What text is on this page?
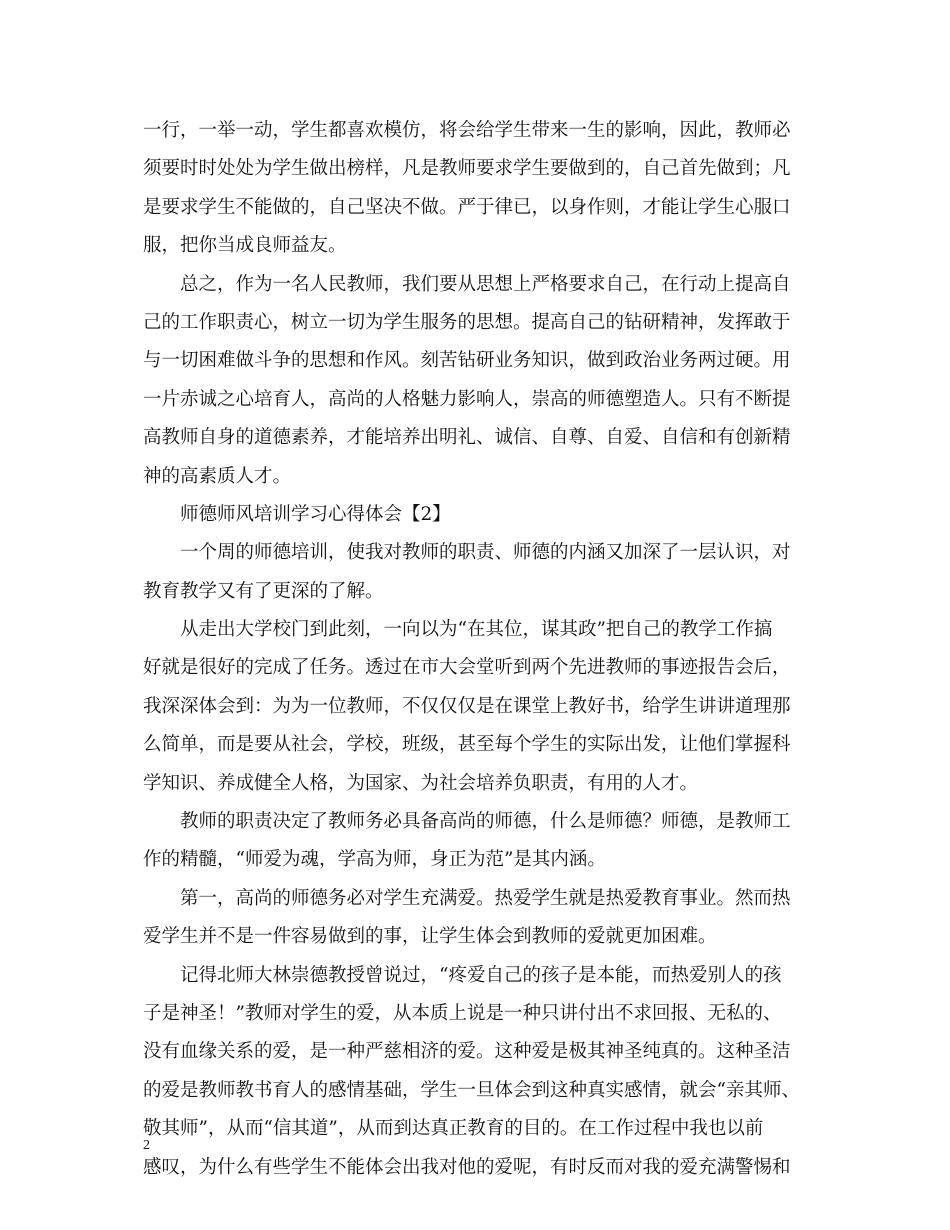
一行，一举一动，学生都喜欢模仿，将会给学生带来一生的影响，因此，教师必
须要时时处处为学生做出榜样，凡是教师要求学生要做到的，自己首先做到；凡
是要求学生不能做的，自己坚决不做。严于律已，以身作则，才能让学生心服口
服，把你当成良师益友。
总之，作为一名人民教师，我们要从思想上严格要求自己，在行动上提高自
己的工作职责心，树立一切为学生服务的思想。提高自己的钻研精神，发挥敢于
与一切困难做斗争的思想和作风。刻苦钻研业务知识，做到政治业务两过硬。用
一片赤诚之心培育人，高尚的人格魅力影响人，崇高的师德塑造人。只有不断提
高教师自身的道德素养，才能培养出明礼、诚信、自尊、自爱、自信和有创新精
神的高素质人才。
师德师风培训学习心得体会【2】
一个周的师德培训，使我对教师的职责、师德的内涵又加深了一层认识，对
教育教学又有了更深的了解。
从走出大学校门到此刻，一向以为“在其位，谋其政”把自己的教学工作搞
好就是很好的完成了任务。透过在市大会堂听到两个先进教师的事迹报告会后，
我深深体会到：为为一位教师，不仅仅仅是在课堂上教好书，给学生讲讲道理那
么简单，而是要从社会，学校，班级，甚至每个学生的实际出发，让他们掌握科
学知识、养成健全人格，为国家、为社会培养负职责，有用的人才。
教师的职责决定了教师务必具备高尚的师德，什么是师德？师德，是教师工
作的精髓，“师爱为魂，学高为师，身正为范”是其内涵。
第一，高尚的师德务必对学生充满爱。热爱学生就是热爱教育事业。然而热
爱学生并不是一件容易做到的事，让学生体会到教师的爱就更加困难。
记得北师大林崇德教授曾说过，“疼爱自己的孩子是本能，而热爱别人的孩
子是神圣！”教师对学生的爱，从本质上说是一种只讲付出不求回报、无私的、
没有血缘关系的爱，是一种严慈相济的爱。这种爱是极其神圣纯真的。这种圣洁
的爱是教师教书育人的感情基础，学生一旦体会到这种真实感情，就会“亲其师、
敬其师”，从而“信其道”，从而到达真正教育的目的。在工作过程中我也以前
感叹，为什么有些学生不能体会出我对他的爱呢，有时反而对我的爱充满警惕和
2
